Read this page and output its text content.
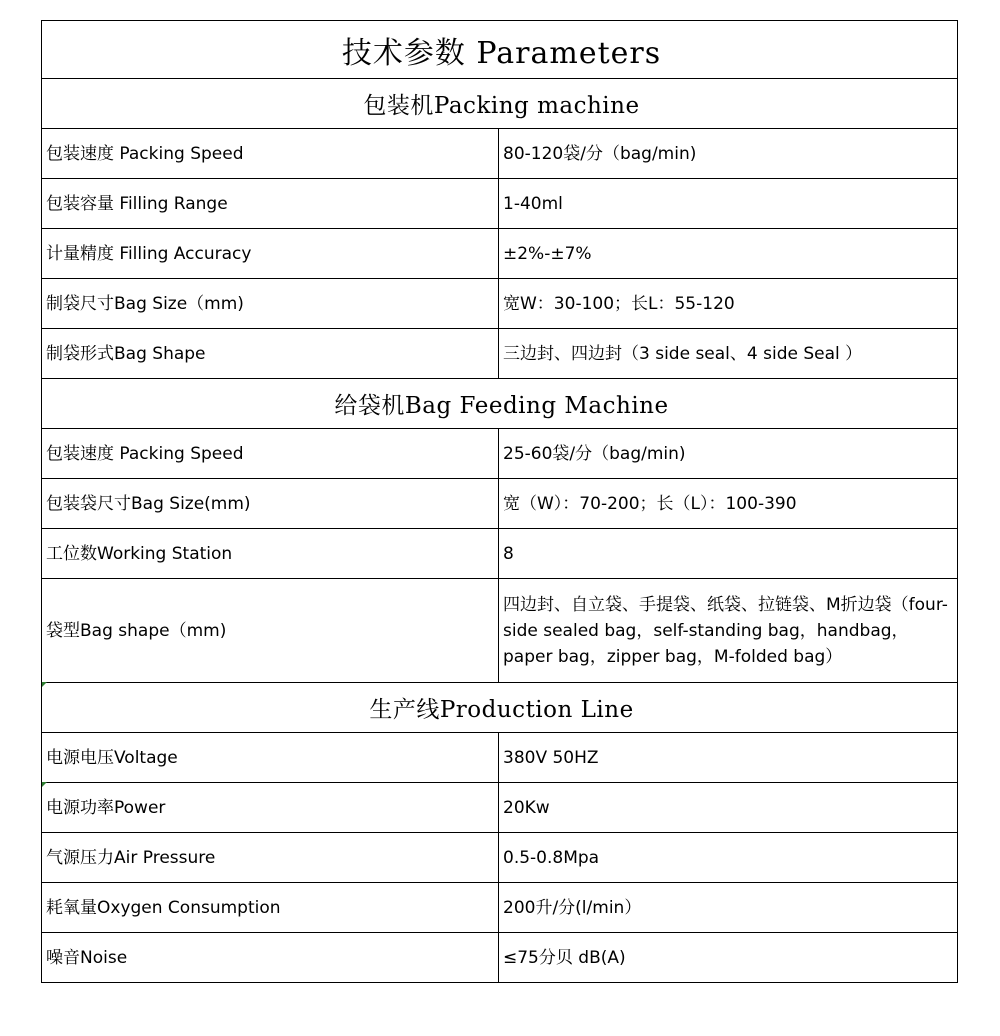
技术参数 Parameters	
包装机Packing machine	
包装速度 Packing Speed	80-120袋/分（bag/min)
包装容量 Filling Range	1-40ml
计量精度 Filling Accuracy	±2%-±7%
制袋尺寸Bag Size（mm)	宽W：30-100；长L：55-120
制袋形式Bag Shape	三边封、四边封（3 side seal、4 side Seal ）
给袋机Bag Feeding Machine	
包装速度 Packing Speed	25-60袋/分（bag/min)
包装袋尺寸Bag Size(mm)	宽（W）：70-200；长（L）：100-390
工位数Working Station	8
袋型Bag shape（mm)	四边封、自立袋、手提袋、纸袋、拉链袋、M折边袋（four-side sealed bag，self-standing bag，handbag，paper bag，zipper bag，M-folded bag）
生产线Production Line	
电源电压Voltage	380V 50HZ
电源功率Power	20Kw
气源压力Air Pressure	0.5-0.8Mpa
耗氧量Oxygen Consumption	200升/分(l/min）
噪音Noise	≤75分贝 dB(A)
